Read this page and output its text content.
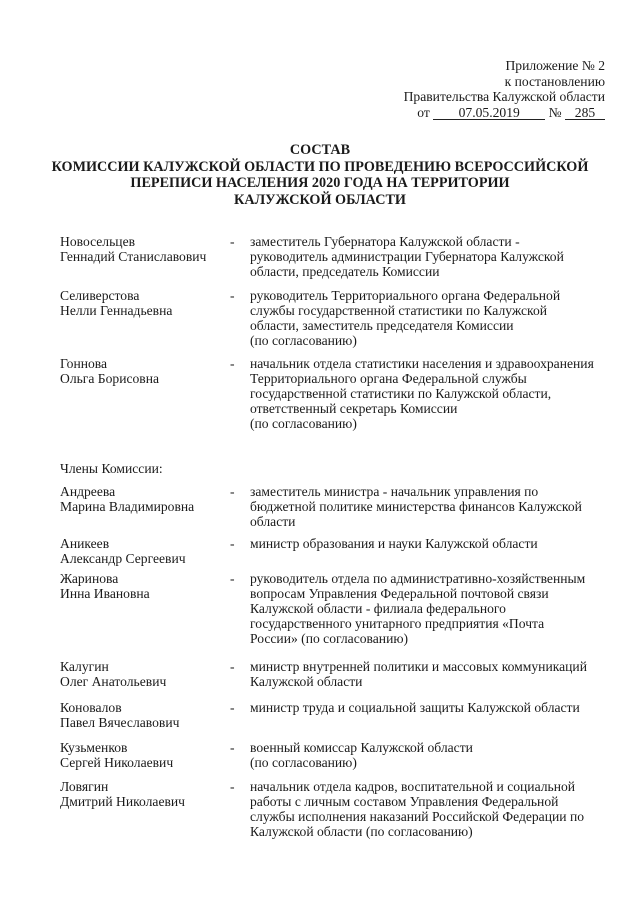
Приложение № 2
к постановлению
Правительства Калужской области
от 07.05.2019 № 285
СОСТАВ
КОМИССИИ КАЛУЖСКОЙ ОБЛАСТИ ПО ПРОВЕДЕНИЮ ВСЕРОССИЙСКОЙ
ПЕРЕПИСИ НАСЕЛЕНИЯ 2020 ГОДА НА ТЕРРИТОРИИ
КАЛУЖСКОЙ ОБЛАСТИ
Новосельцев
Геннадий Станиславович
-	заместитель Губернатора Калужской области -
руководитель администрации Губернатора Калужской
области, председатель Комиссии
Селиверстова
Нелли Геннадьевна
-	руководитель Территориального органа Федеральной
службы государственной статистики по Калужской
области, заместитель председателя Комиссии
(по согласованию)
Гоннова
Ольга Борисовна
-	начальник отдела статистики населения и здравоохранения
Территориального органа Федеральной службы
государственной статистики по Калужской области,
ответственный секретарь Комиссии
(по согласованию)
Члены Комиссии:
Андреева
Марина Владимировна
-	заместитель министра - начальник управления по
бюджетной политике министерства финансов Калужской
области
Аникеев
Александр Сергеевич
-	министр образования и науки Калужской области
Жаринова
Инна Ивановна
-	руководитель отдела по административно-хозяйственным
вопросам Управления Федеральной почтовой связи
Калужской области - филиала федерального
государственного унитарного предприятия «Почта
России» (по согласованию)
Калугин
Олег Анатольевич
-	министр внутренней политики и массовых коммуникаций
Калужской области
Коновалов
Павел Вячеславович
-	министр труда и социальной защиты Калужской области
Кузьменков
Сергей Николаевич
-	военный комиссар Калужской области
(по согласованию)
Ловягин
Дмитрий Николаевич
-	начальник отдела кадров, воспитательной и социальной
работы с личным составом Управления Федеральной
службы исполнения наказаний Российской Федерации по
Калужской области (по согласованию)
